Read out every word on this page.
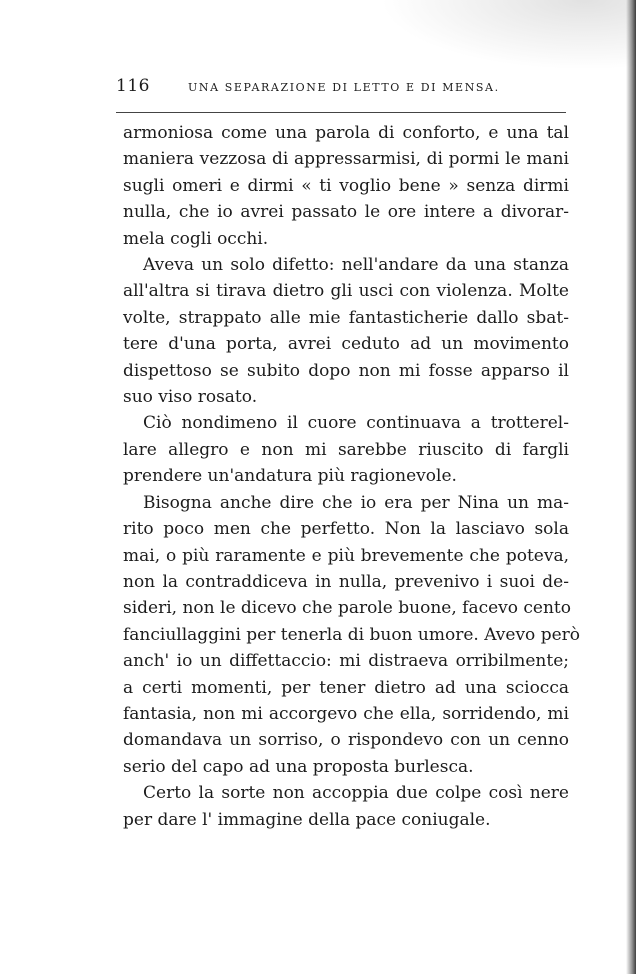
116	UNA SEPARAZIONE DI LETTO E DI MENSA.

armoniosa come una parola di conforto, e una tal
maniera vezzosa di appressarmisi, di pormi le mani
sugli omeri e dirmi « ti voglio bene » senza dirmi
nulla, che io avrei passato le ore intere a divorar-
mela cogli occhi.

Aveva un solo difetto: nell'andare da una stanza
all'altra si tirava dietro gli usci con violenza. Molte
volte, strappato alle mie fantasticherie dallo sbat-
tere d'una porta, avrei ceduto ad un movimento
dispettoso se subito dopo non mi fosse apparso il
suo viso rosato.

Ciò nondimeno il cuore continuava a trotterel-
lare allegro e non mi sarebbe riuscito di fargli
prendere un'andatura più ragionevole.

Bisogna anche dire che io era per Nina un ma-
rito poco men che perfetto. Non la lasciavo sola
mai, o più raramente e più brevemente che poteva,
non la contraddiceva in nulla, prevenivo i suoi de-
sideri, non le dicevo che parole buone, facevo cento
fanciullaggini per tenerla di buon umore. Avevo però
anch' io un diffettaccio: mi distraeva orribilmente;
a certi momenti, per tener dietro ad una sciocca
fantasia, non mi accorgevo che ella, sorridendo, mi
domandava un sorriso, o rispondevo con un cenno
serio del capo ad una proposta burlesca.

Certo la sorte non accoppia due colpe così nere
per dare l' immagine della pace coniugale.
